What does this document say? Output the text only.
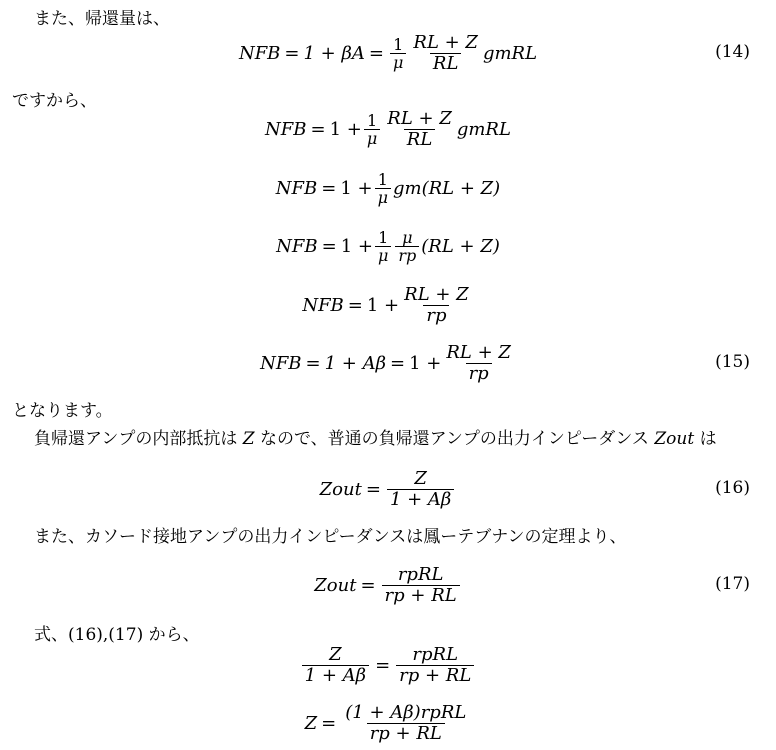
また、帰還量は、
NFB = $1 + \beta A = \frac{1}{\mu} \frac{RL + Z}{RL}$ gmRL	(14)
ですから、
NFB = $1 + \frac{1}{\mu} \frac{RL + Z}{RL}$ gmRL
NFB = $1 + \frac{1}{\mu} gm(RL + Z)$
NFB = $1 + \frac{1}{\mu} \frac{\mu}{rp} (RL + Z)$
NFB = $1 + \frac{RL + Z}{rp}$
NFB = $1 + A\beta = 1 + \frac{RL + Z}{rp}$	(15)
となります。
負帰還アンプの内部抵抗は Z なので、普通の負帰還アンプの出力インピーダンス Zout は
Zout = $\frac{Z}{1 + A\beta}$	(16)
また、カソード接地アンプの出力インピーダンスは鳳ーテブナンの定理より、
Zout = $\frac{\text{rpRL}}{rp + RL}$	(17)
式、(16),(17) から、
$\frac{Z}{1 + A\beta} = \frac{\text{rpRL}}{rp + RL}$
$Z = \frac{\text{(1 + Aβ)rpRL}}{rp + RL}$
